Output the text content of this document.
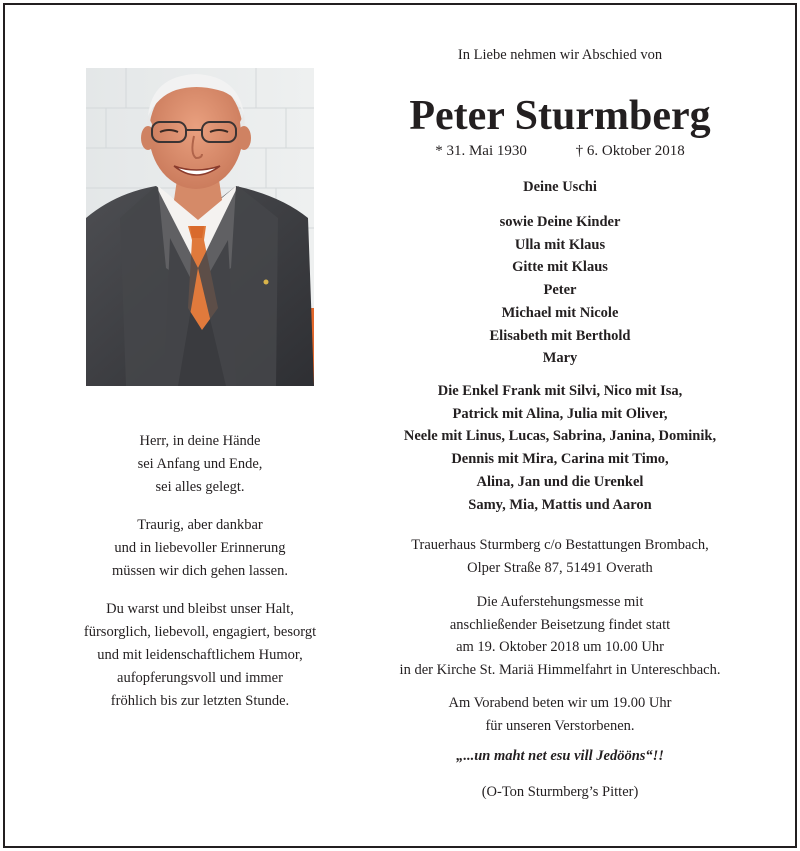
Herr, in deine Hände
sei Anfang und Ende,
sei alles gelegt.

Traurig, aber dankbar
und in liebevoller Erinnerung
müssen wir dich gehen lassen.

Du warst und bleibst unser Halt,
fürsorglich, liebevoll, engagiert, besorgt
und mit leidenschaftlichem Humor,
aufopferungsvoll und immer
fröhlich bis zur letzten Stunde.

In Liebe nehmen wir Abschied von
Peter Sturmberg
* 31. Mai 1930	† 6. Oktober 2018
Deine Uschi
sowie Deine Kinder
Ulla mit Klaus
Gitte mit Klaus
Peter
Michael mit Nicole
Elisabeth mit Berthold
Mary
Die Enkel Frank mit Silvi, Nico mit Isa,
Patrick mit Alina, Julia mit Oliver,
Neele mit Linus, Lucas, Sabrina, Janina, Dominik,
Dennis mit Mira, Carina mit Timo,
Alina, Jan und die Urenkel
Samy, Mia, Mattis und Aaron
Trauerhaus Sturmberg c/o Bestattungen Brombach,
Olper Straße 87, 51491 Overath
Die Auferstehungsmesse mit
anschließender Beisetzung findet statt
am 19. Oktober 2018 um 10.00 Uhr
in der Kirche St. Mariä Himmelfahrt in Untereschbach.
Am Vorabend beten wir um 19.00 Uhr
für unseren Verstorbenen.
„...un maht net esu vill Jedööns“!!
(O-Ton Sturmberg’s Pitter)
